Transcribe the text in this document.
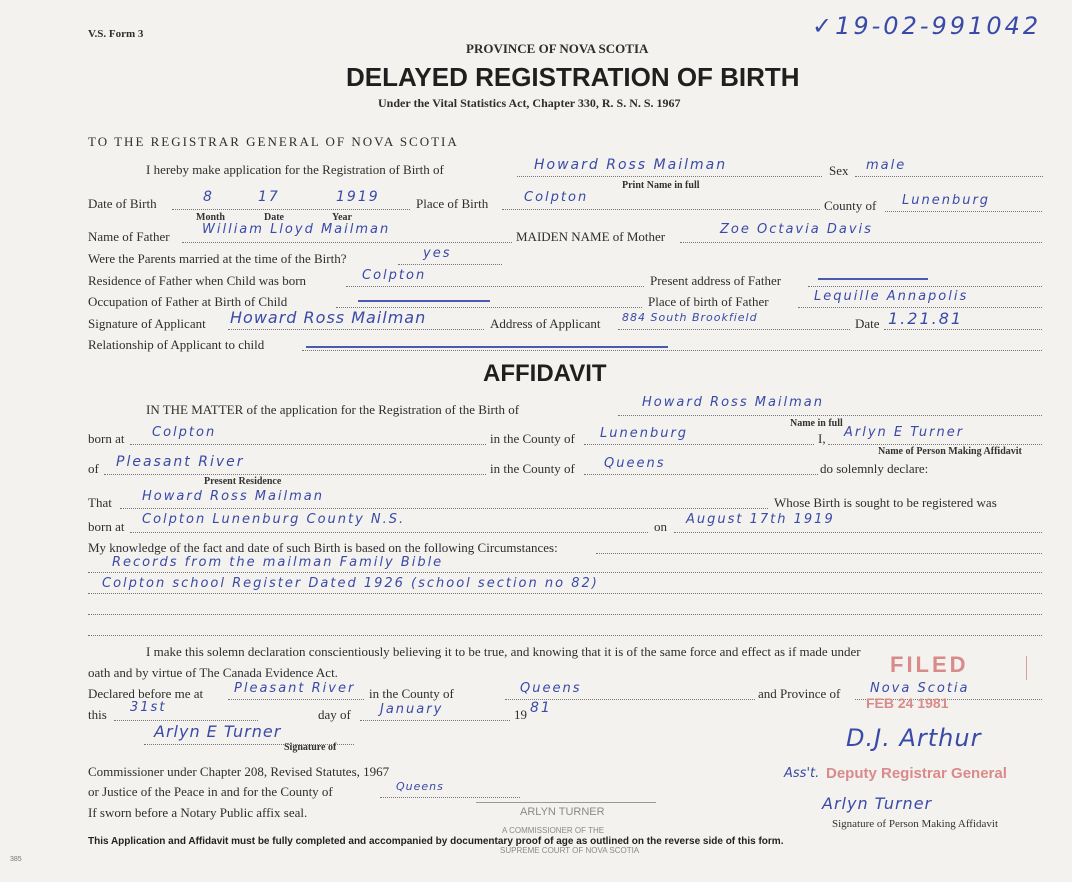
V.S. Form 3	✓19-02-991042
PROVINCE OF NOVA SCOTIA
DELAYED REGISTRATION OF BIRTH
Under the Vital Statistics Act, Chapter 330, R. S. N. S. 1967
TO THE REGISTRAR GENERAL OF NOVA SCOTIA
I hereby make application for the Registration of Birth of	Howard Ross Mailman
Print Name in full
Sex male
Date of Birth	8	17	1919
Month	Date	Year
Place of Birth	Colpton
County of Lunenburg
Name of Father William Lloyd Mailman	MAIDEN NAME of Mother	Zoe Octavia Davis
Were the Parents married at the time of the Birth?	yes
Residence of Father when Child was born	Colpton	Present address of Father
Occupation of Father at Birth of Child	Place of birth of Father	Lequille Annapolis
Signature of Applicant Howard Ross Mailman	Address of Applicant 884 South Brookfield	Date 1.21.81
Relationship of Applicant to child
AFFIDAVIT
IN THE MATTER of the application for the Registration of the Birth of	Howard Ross Mailman
Name in full
born at Colpton	in the County of Lunenburg	I, Arlyn E Turner
Name of Person Making Affidavit
of Pleasant River
Present Residence
in the County of Queens	do solemnly declare:
That Howard Ross Mailman	Whose Birth is sought to be registered was
born at Colpton Lunenburg County N.S.	on August 17th 1919
My knowledge of the fact and date of such Birth is based on the following Circumstances:
Records from the mailman Family Bible
Colpton school Register Dated 1926 (school section no 82)
I make this solemn declaration conscientiously believing it to be true, and knowing that it is of the same force and effect as if made under
oath and by virtue of The Canada Evidence Act.
Declared before me at Pleasant River in the County of	Queens	and Province of Nova Scotia
this 31st	day of January	19 81
Arlyn E Turner
Signature of
Commissioner under Chapter 208, Revised Statutes, 1967
or Justice of the Peace in and for the County of	Queens
If sworn before a Notary Public affix seal.	ARLYN TURNER
A COMMISSIONER OF THE
Arlyn Turner
Signature of Person Making Affidavit
This Application and Affidavit must be fully completed and accompanied by documentary proof of age as outlined on the reverse side of this form.
SUPREME COURT OF NOVA SCOTIA
385
FILED
FEB 24 1981
D.J. Arthur
Ass't. Deputy Registrar General
